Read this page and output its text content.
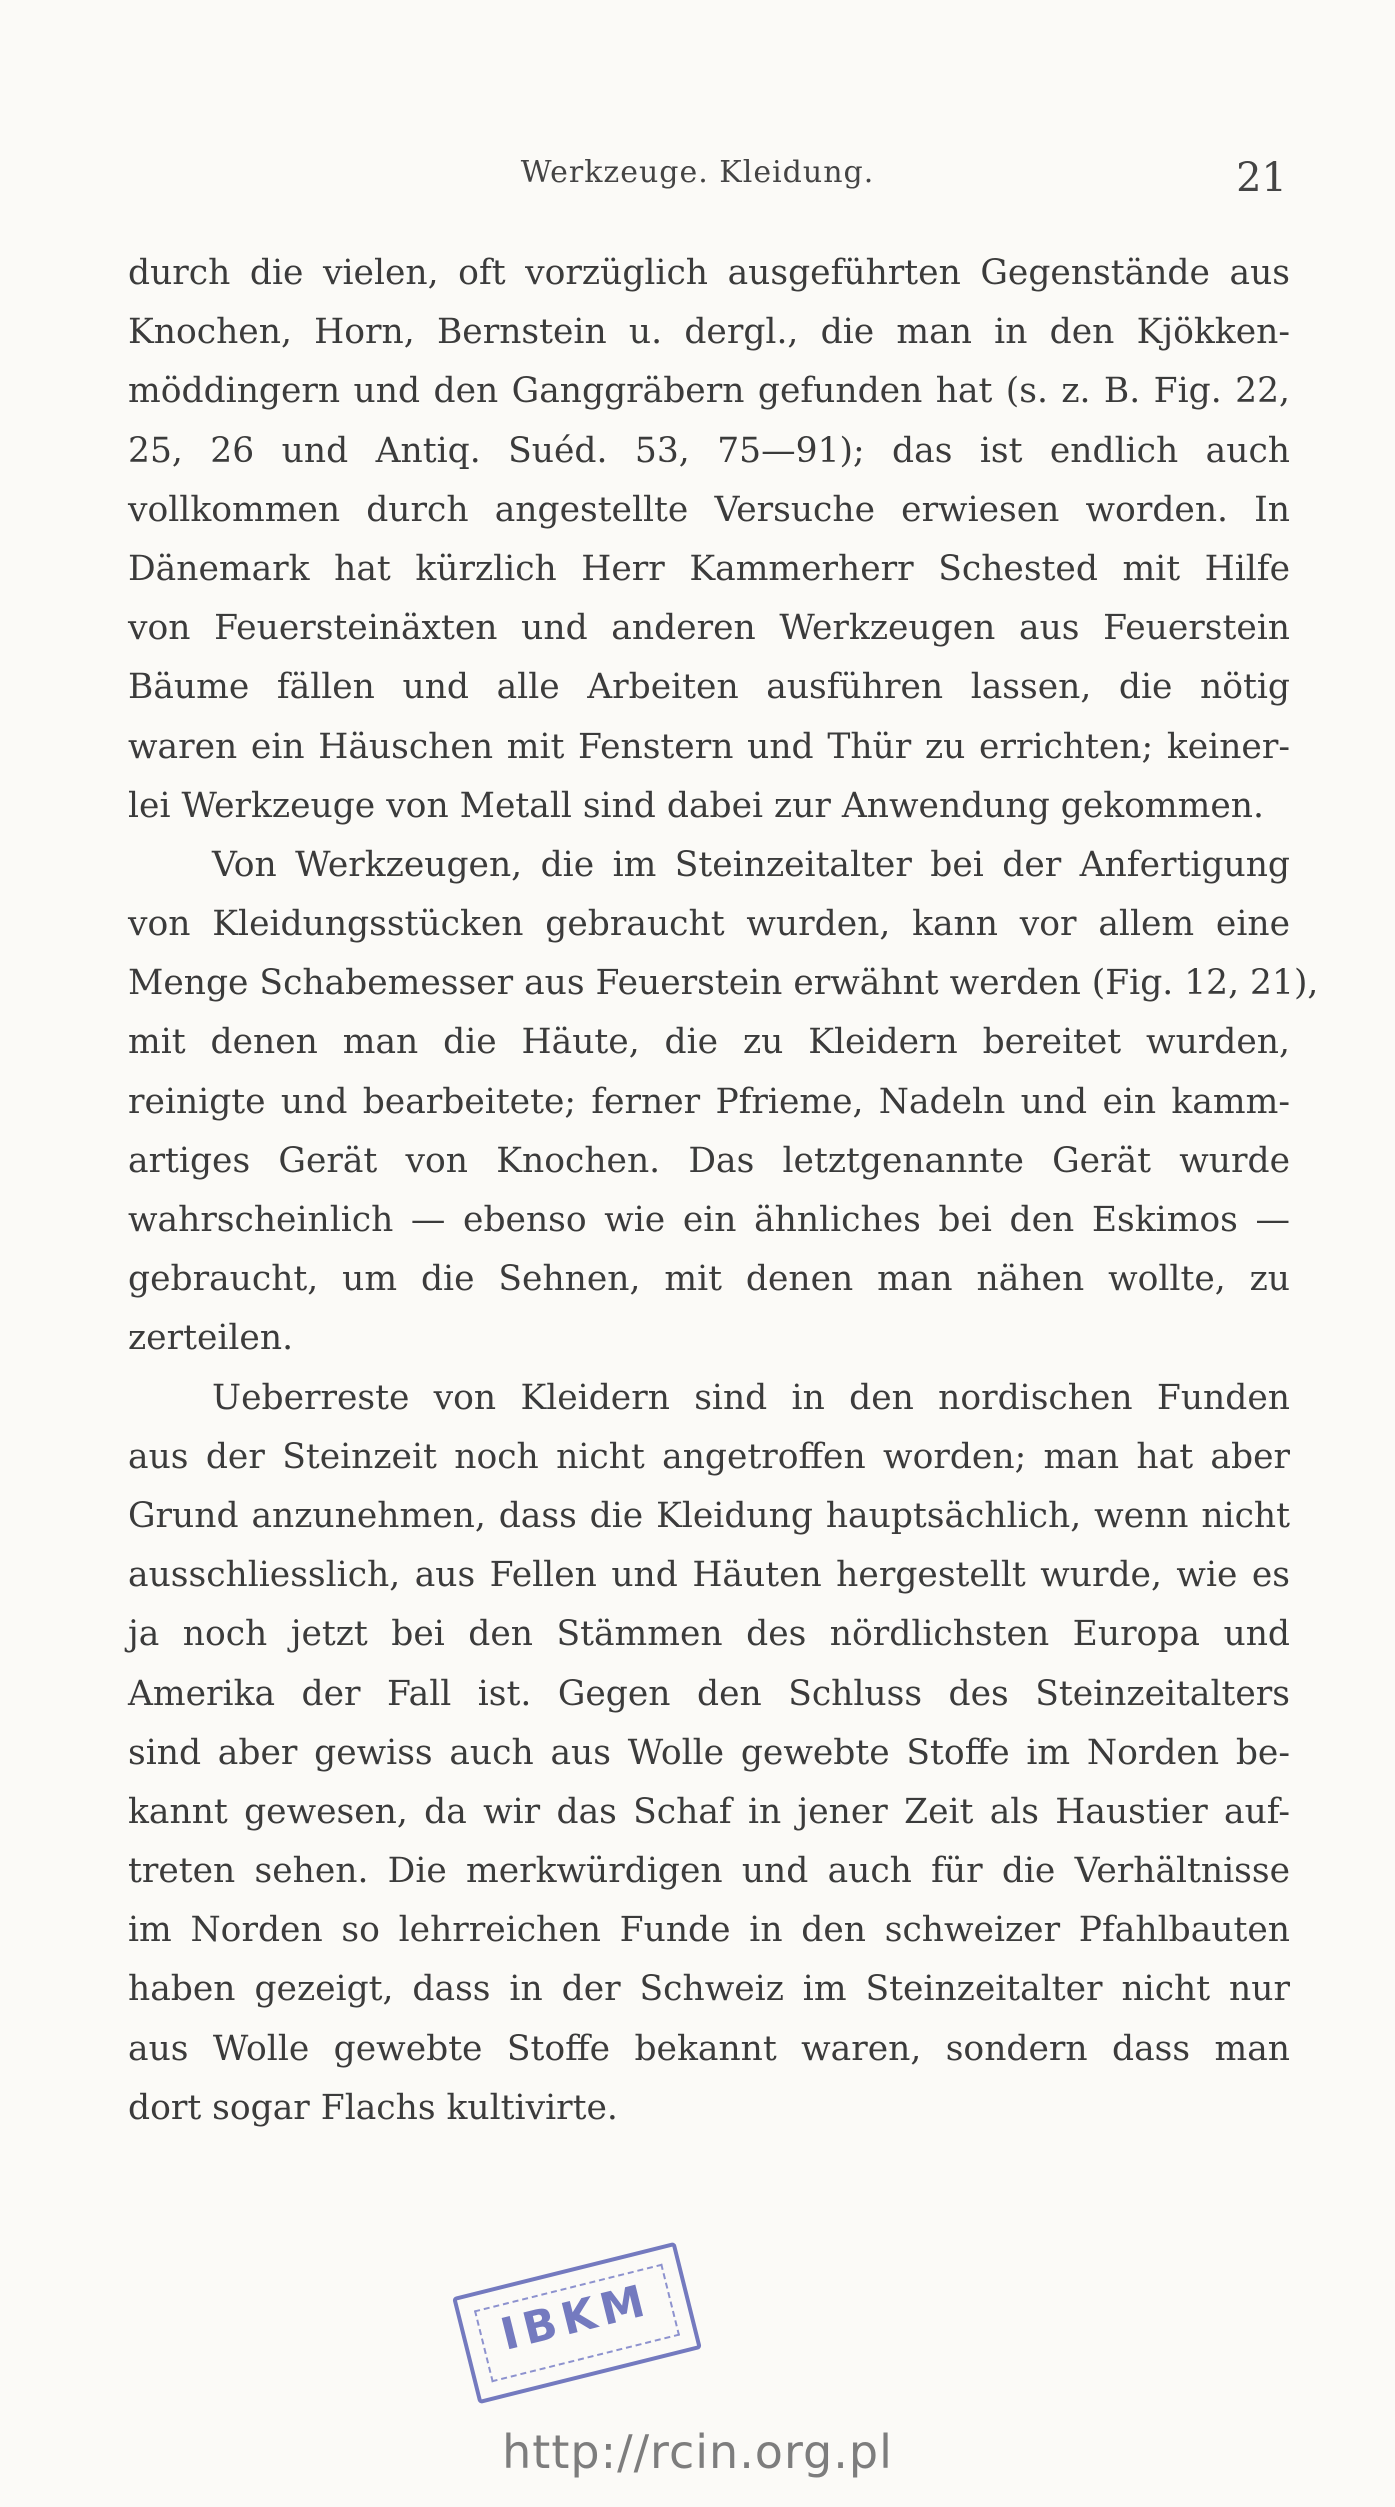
Werkzeuge. Kleidung.	21
durch die vielen, oft vorzüglich ausgeführten Gegenstände aus
Knochen, Horn, Bernstein u. dergl., die man in den Kjökken-
möddingern und den Ganggräbern gefunden hat (s. z. B. Fig. 22,
25, 26 und Antiq. Suéd. 53, 75—91); das ist endlich auch
vollkommen durch angestellte Versuche erwiesen worden. In
Dänemark hat kürzlich Herr Kammerherr Schested mit Hilfe
von Feuersteinäxten und anderen Werkzeugen aus Feuerstein
Bäume fällen und alle Arbeiten ausführen lassen, die nötig
waren ein Häuschen mit Fenstern und Thür zu errichten; keiner-
lei Werkzeuge von Metall sind dabei zur Anwendung gekommen.
Von Werkzeugen, die im Steinzeitalter bei der Anfertigung
von Kleidungsstücken gebraucht wurden, kann vor allem eine
Menge Schabemesser aus Feuerstein erwähnt werden (Fig. 12, 21),
mit denen man die Häute, die zu Kleidern bereitet wurden,
reinigte und bearbeitete; ferner Pfrieme, Nadeln und ein kamm-
artiges Gerät von Knochen. Das letztgenannte Gerät wurde
wahrscheinlich — ebenso wie ein ähnliches bei den Eskimos —
gebraucht, um die Sehnen, mit denen man nähen wollte, zu
zerteilen.
Ueberreste von Kleidern sind in den nordischen Funden
aus der Steinzeit noch nicht angetroffen worden; man hat aber
Grund anzunehmen, dass die Kleidung hauptsächlich, wenn nicht
ausschliesslich, aus Fellen und Häuten hergestellt wurde, wie es
ja noch jetzt bei den Stämmen des nördlichsten Europa und
Amerika der Fall ist. Gegen den Schluss des Steinzeitalters
sind aber gewiss auch aus Wolle gewebte Stoffe im Norden be-
kannt gewesen, da wir das Schaf in jener Zeit als Haustier auf-
treten sehen. Die merkwürdigen und auch für die Verhältnisse
im Norden so lehrreichen Funde in den schweizer Pfahlbauten
haben gezeigt, dass in der Schweiz im Steinzeitalter nicht nur
aus Wolle gewebte Stoffe bekannt waren, sondern dass man
dort sogar Flachs kultivirte.
IBKM
http://rcin.org.pl
